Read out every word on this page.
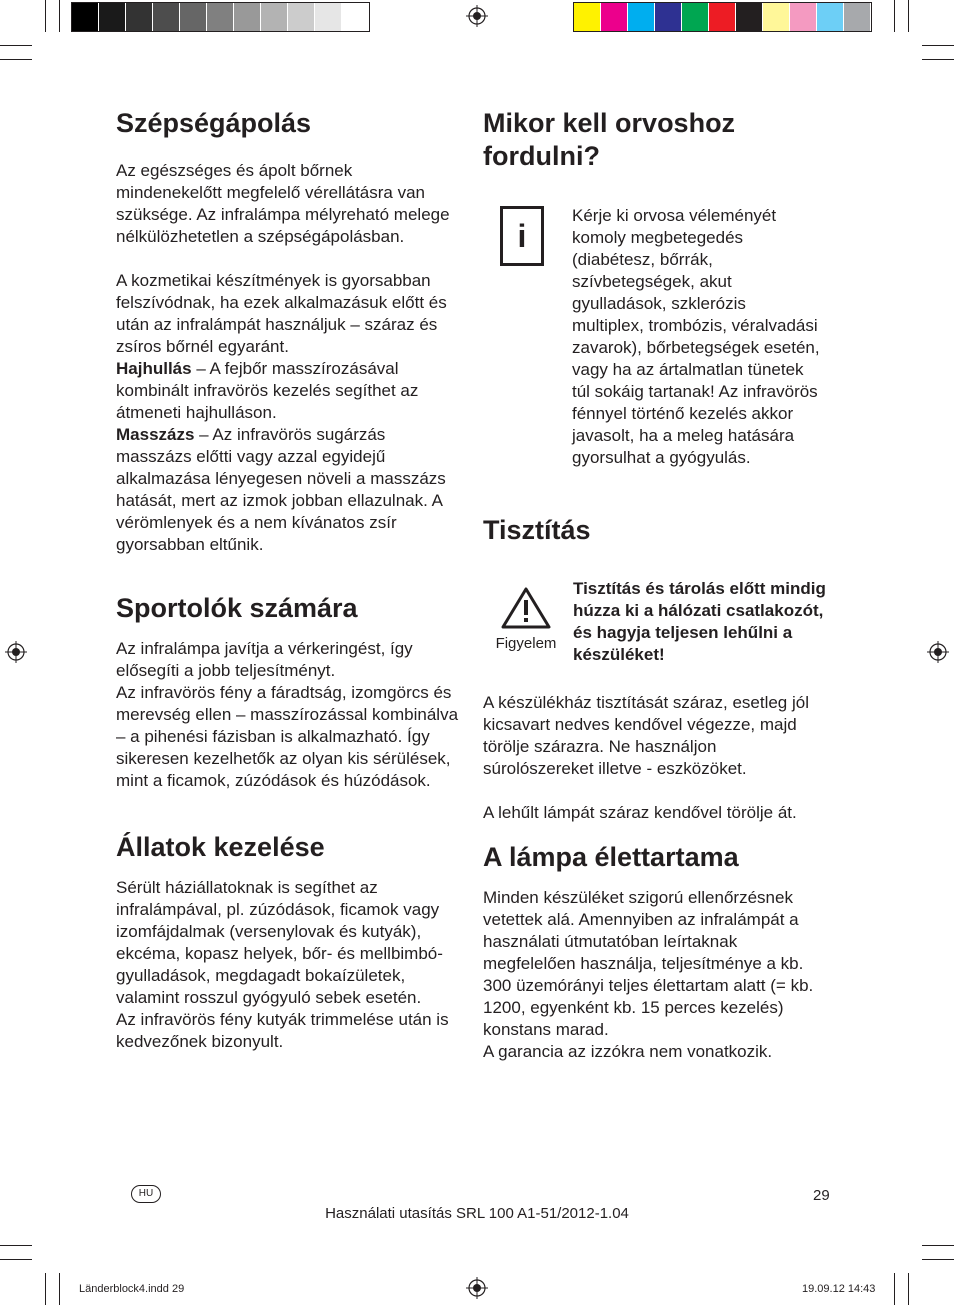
Szépségápolás

Az egészséges és ápolt bőrnek mindenekelőtt megfelelő vérellátásra van szüksége. Az infralámpa mélyreható melege nélkülözhetetlen a szépségápolásban.

A kozmetikai készítmények is gyorsabban felszívódnak, ha ezek alkalmazásuk előtt és után az infralámpát használjuk – száraz és zsíros bőrnél egyaránt.

Hajhullás – A fejbőr masszírozásával kombinált infravörös kezelés segíthet az átmeneti hajhulláson.

Masszázs – Az infravörös sugárzás masszázs előtti vagy azzal egyidejű alkalmazása lényegesen növeli a masszázs hatását, mert az izmok jobban ellazulnak. A vérömlenyek és a nem kívánatos zsír gyorsabban eltűnik.

Sportolók számára

Az infralámpa javítja a vérkeringést, így elősegíti a jobb teljesítményt.

Az infravörös fény a fáradtság, izomgörcs és merevség ellen – masszírozással kombinálva – a pihenési fázisban is alkalmazható. Így sikeresen kezelhetők az olyan kis sérülések, mint a ficamok, zúzódások és húzódások.

Állatok kezelése

Sérült háziállatoknak is segíthet az infralámpával, pl. zúzódások, ficamok vagy izomfájdalmak (versenylovak és kutyák), ekcéma, kopasz helyek, bőr- és mellbimbó-gyulladások, megdagadt bokaízületek, valamint rosszul gyógyuló sebek esetén.

Az infravörös fény kutyák trimmelése után is kedvezőnek bizonyult.

Mikor kell orvoshoz fordulni?
i

Kérje ki orvosa véleményét komoly megbetegedés (diabétesz, bőrrák, szívbetegségek, akut gyulladások, szklerózis multiplex, trombózis, véralvadási zavarok), bőrbetegségek esetén, vagy ha az ártalmatlan tünetek túl sokáig tartanak! Az infravörös fénnyel történő kezelés akkor javasolt, ha a meleg hatására gyorsulhat a gyógyulás.

Tisztítás
Figyelem

Tisztítás és tárolás előtt mindig húzza ki a hálózati csatlakozót, és hagyja teljesen lehűlni a készüléket!

A készülékház tisztítását száraz, esetleg jól kicsavart nedves kendővel végezze, majd törölje szárazra. Ne használjon súrolószereket illetve - eszközöket.

A lehűlt lámpát száraz kendővel törölje át.

A lámpa élettartama

Minden készüléket szigorú ellenőrzésnek vetettek alá. Amennyiben az infralámpát a használati útmutatóban leírtaknak megfelelően használja, teljesítménye a kb. 300 üzemórányi teljes élettartam alatt (= kb. 1200, egyenként kb. 15 perces kezelés) konstans marad.

A garancia az izzókra nem vonatkozik.

HU	29
Használati utasítás SRL 100 A1-51/2012-1.04
Länderblock4.indd 29	19.09.12 14:43
